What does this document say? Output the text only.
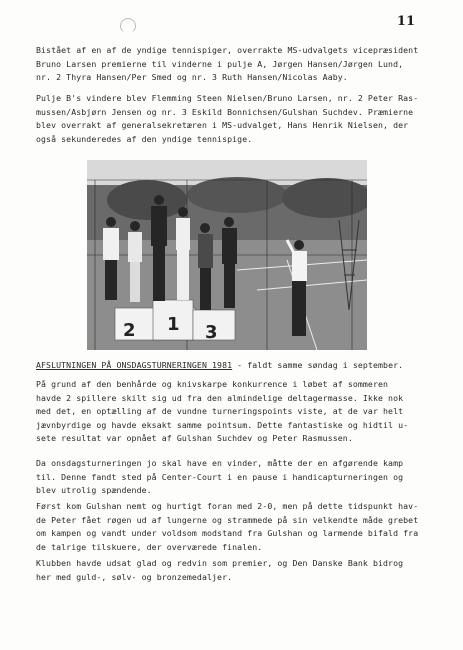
11

Bistået af en af de yndige tennispiger, overrakte MS-udvalgets vicepræsident
Bruno Larsen premierne til vinderne i pulje A, Jørgen Hansen/Jørgen Lund,
nr. 2 Thyra Hansen/Per Smed og nr. 3 Ruth Hansen/Nicolas Aaby.

Pulje B's vindere blev Flemming Steen Nielsen/Bruno Larsen, nr. 2 Peter Ras-
mussen/Asbjørn Jensen og nr. 3 Eskild Bonnichsen/Gulshan Suchdev. Præmierne
blev overrakt af generalsekretæren i MS-udvalget, Hans Henrik Nielsen, der
også sekunderedes af den yndige tennispige.

2 1 3

AFSLUTNINGEN PÅ ONSDAGSTURNERINGEN 1981 - faldt samme søndag i september.

På grund af den benhårde og knivskarpe konkurrence i løbet af sommeren
havde 2 spillere skilt sig ud fra den almindelige deltagermasse. Ikke nok
med det, en optælling af de vundne turneringspoints viste, at de var helt
jævnbyrdige og havde eksakt samme pointsum. Dette fantastiske og hidtil u-
sete resultat var opnået af Gulshan Suchdev og Peter Rasmussen.

Da onsdagsturneringen jo skal have en vinder, måtte der en afgørende kamp
til. Denne fandt sted på Center-Court i en pause i handicapturneringen og
blev utrolig spændende.

Først kom Gulshan nemt og hurtigt foran med 2-0, men på dette tidspunkt hav-
de Peter fået røgen ud af lungerne og strammede på sin velkendte måde grebet
om kampen og vandt under voldsom modstand fra Gulshan og larmende bifald fra
de talrige tilskuere, der overværede finalen.

Klubben havde udsat glad og redvin som premier, og Den Danske Bank bidrog
her med guld-, sølv- og bronzemedaljer.
